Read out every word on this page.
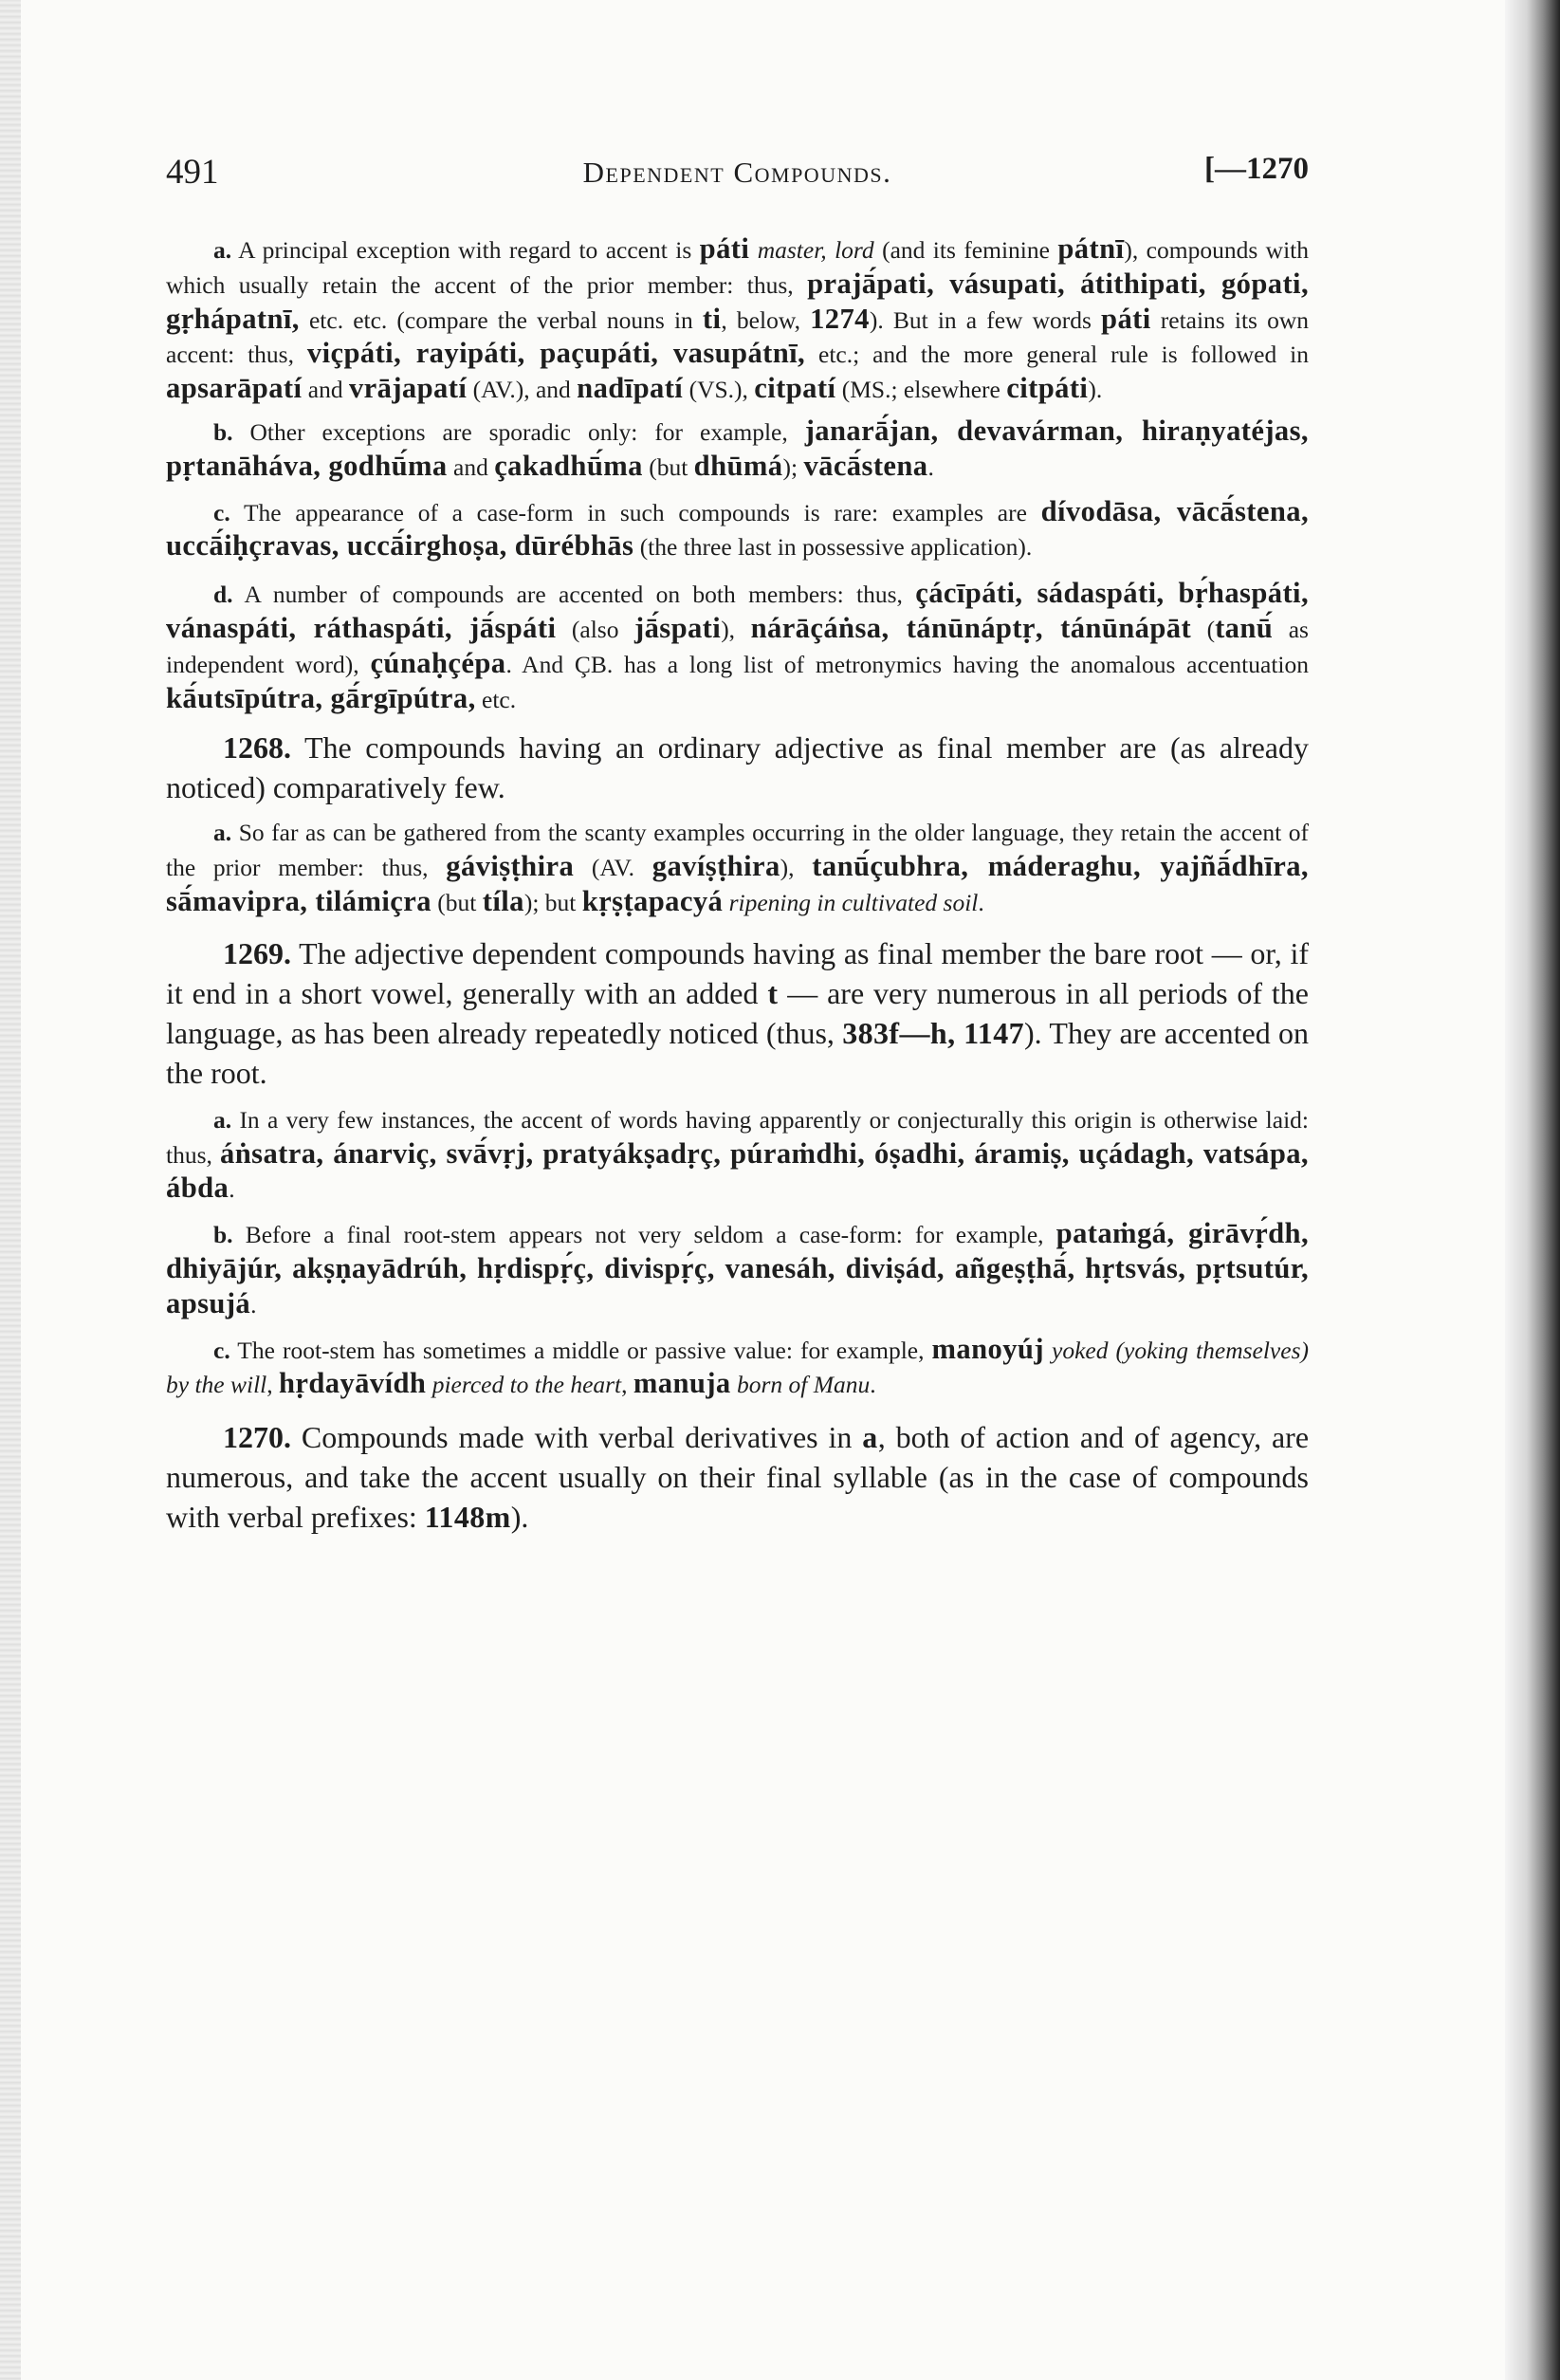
491	Dependent Compounds.	[—1270

a. A principal exception with regard to accent is páti master, lord (and its feminine pátnī), compounds with which usually retain the accent of the prior member: thus, prajā́pati, vásupati, átithipati, gópati, gṛhápatnī, etc. etc. (compare the verbal nouns in ti, below, 1274). But in a few words páti retains its own accent: thus, viçpáti, rayipáti, paçupáti, vasupátnī, etc.; and the more general rule is followed in apsarāpatí and vrājapatí (AV.), and nadīpatí (VS.), citpatí (MS.; elsewhere citpáti).

b. Other exceptions are sporadic only: for example, janarā́jan, devavárman, hiraṇyatéjas, pṛtanāháva, godhū́ma and çakadhū́ma (but dhūmá); vācā́stena.

c. The appearance of a case-form in such compounds is rare: examples are dívodāsa, vācā́stena, uccā́iḥçravas, uccā́irghoṣa, dūrébhās (the three last in possessive application).

d. A number of compounds are accented on both members: thus, çácīpáti, sádaspáti, bṛ́haspáti, vánaspáti, ráthaspáti, jā́spáti (also jā́spati), nárāçáṅsa, tánūnáptṛ, tánūnápāt (tanū́ as independent word), çúnaḥçépa. And ÇB. has a long list of metronymics having the anomalous accentuation kā́utsīpútra, gā́rgīpútra, etc.

1268. The compounds having an ordinary adjective as final member are (as already noticed) comparatively few.

a. So far as can be gathered from the scanty examples occurring in the older language, they retain the accent of the prior member: thus, gáviṣṭhira (AV. gavíṣṭhira), tanū́çubhra, máderaghu, yajñā́dhīra, sā́mavipra, tilámiçra (but tíla); but kṛṣṭapacyá ripening in cultivated soil.

1269. The adjective dependent compounds having as final member the bare root — or, if it end in a short vowel, generally with an added t — are very numerous in all periods of the language, as has been already repeatedly noticed (thus, 383f—h, 1147). They are accented on the root.

a. In a very few instances, the accent of words having apparently or conjecturally this origin is otherwise laid: thus, áṅsatra, ánarviç, svā́vṛj, pratyákṣadṛç, púraṁdhi, óṣadhi, áramiṣ, uçádagh, vatsápa, ábda.

b. Before a final root-stem appears not very seldom a case-form: for example, pataṁgá, girāvṛ́dh, dhiyājúr, akṣṇayādrúh, hṛdispṛ́ç, divispṛ́ç, vanesáh, diviṣád, añgeṣṭhā́, hṛtsvás, pṛtsutúr, apsujá.

c. The root-stem has sometimes a middle or passive value: for example, manoyúj yoked (yoking themselves) by the will, hṛdayāvídh pierced to the heart, manuja born of Manu.

1270. Compounds made with verbal derivatives in a, both of action and of agency, are numerous, and take the accent usually on their final syllable (as in the case of compounds with verbal prefixes: 1148m).
